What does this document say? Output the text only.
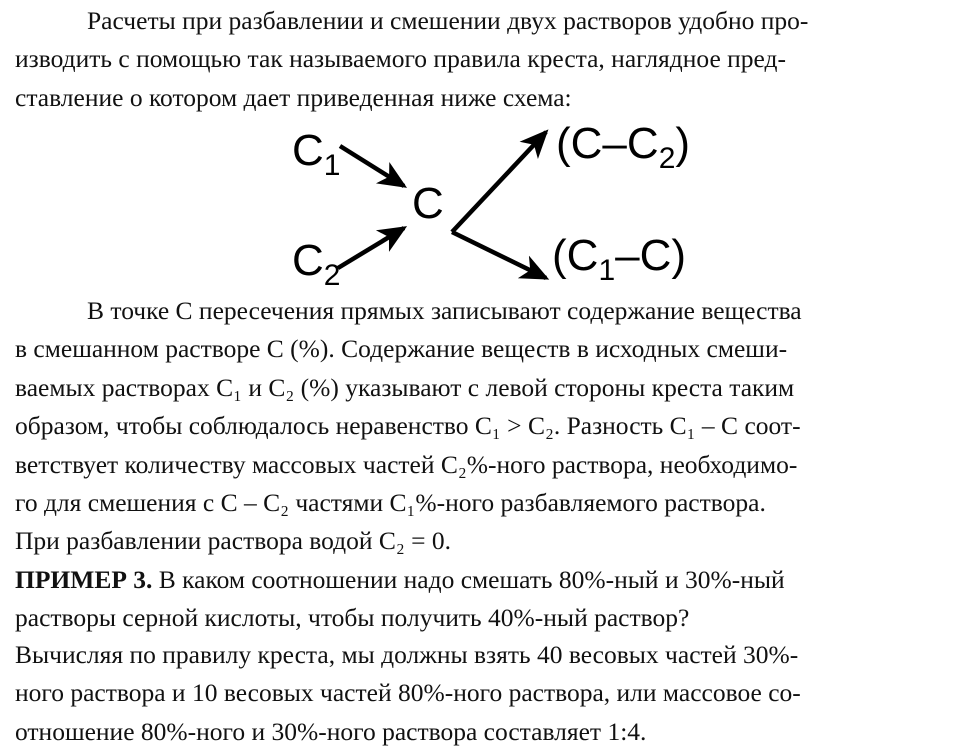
Расчеты при разбавлении и смешении двух растворов удобно про-
изводить с помощью так называемого правила креста, наглядное пред-
ставление о котором дает приведенная ниже схема:
$C_1$
$C_2$
C
$(C-C_2)$
$(C_1-C)$
В точке С пересечения прямых записывают содержание вещества
в смешанном растворе С (%). Содержание веществ в исходных смеши-
ваемых растворах С₁ и С₂ (%) указывают с левой стороны креста таким
образом, чтобы соблюдалось неравенство С₁ > С₂. Разность С₁ – С соот-
ветствует количеству массовых частей С₂%-ного раствора, необходимо-
го для смешения с С – С₂ частями С₁%-ного разбавляемого раствора.
При разбавлении раствора водой С₂ = 0.
ПРИМЕР 3. В каком соотношении надо смешать 80%-ный и 30%-ный
растворы серной кислоты, чтобы получить 40%-ный раствор?
Вычисляя по правилу креста, мы должны взять 40 весовых частей 30%-
ного раствора и 10 весовых частей 80%-ного раствора, или массовое со-
отношение 80%-ного и 30%-ного раствора составляет 1:4.
